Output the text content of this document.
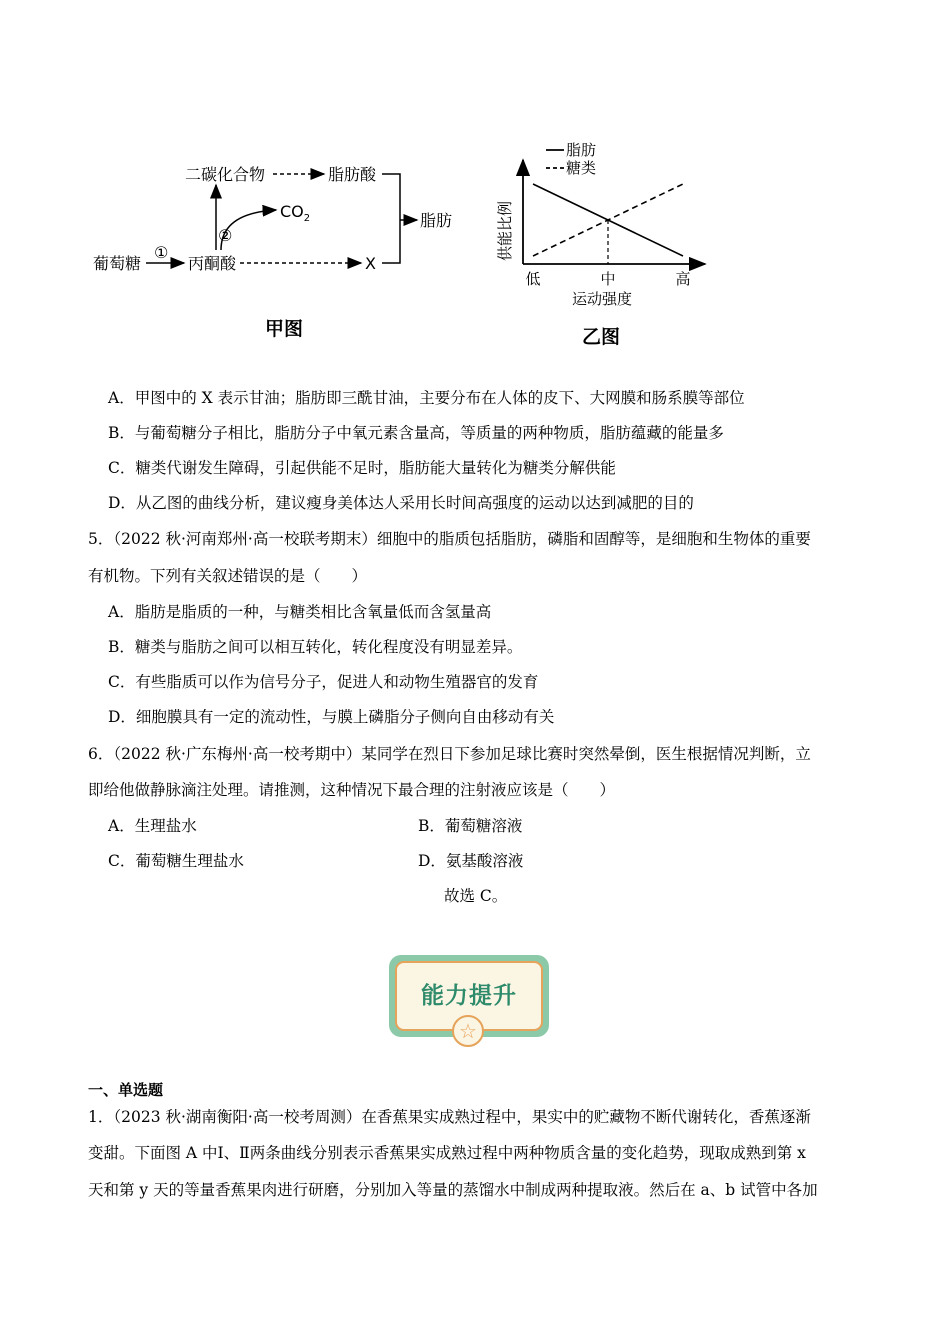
二碳化合物	脂肪酸
$CO_2$	脂肪
葡萄糖
①
丙酮酸
②
X
甲图
低	中	高
脂肪
糖类
供能比例
运动强度
乙图
A．甲图中的 X 表示甘油；脂肪即三酰甘油，主要分布在人体的皮下、大网膜和肠系膜等部位
B．与葡萄糖分子相比，脂肪分子中氧元素含量高，等质量的两种物质，脂肪蕴藏的能量多
C．糖类代谢发生障碍，引起供能不足时，脂肪能大量转化为糖类分解供能
D．从乙图的曲线分析，建议瘦身美体达人采用长时间高强度的运动以达到减肥的目的
5．（2022 秋·河南郑州·高一校联考期末）细胞中的脂质包括脂肪，磷脂和固醇等，是细胞和生物体的重要
有机物。下列有关叙述错误的是（　　）
A．脂肪是脂质的一种，与糖类相比含氧量低而含氢量高
B．糖类与脂肪之间可以相互转化，转化程度没有明显差异。
C．有些脂质可以作为信号分子，促进人和动物生殖器官的发育
D．细胞膜具有一定的流动性，与膜上磷脂分子侧向自由移动有关
6．（2022 秋·广东梅州·高一校考期中）某同学在烈日下参加足球比赛时突然晕倒，医生根据情况判断，立
即给他做静脉滴注处理。请推测，这种情况下最合理的注射液应该是（　　）
A．生理盐水	B．葡萄糖溶液
C．葡萄糖生理盐水	D．氨基酸溶液
故选 C。
能力提升
☆
一、单选题
1．（2023 秋·湖南衡阳·高一校考周测）在香蕉果实成熟过程中，果实中的贮藏物不断代谢转化，香蕉逐渐
变甜。下面图 A 中Ⅰ、Ⅱ两条曲线分别表示香蕉果实成熟过程中两种物质含量的变化趋势，现取成熟到第 x
天和第 y 天的等量香蕉果肉进行研磨，分别加入等量的蒸馏水中制成两种提取液。然后在 a、b 试管中各加
